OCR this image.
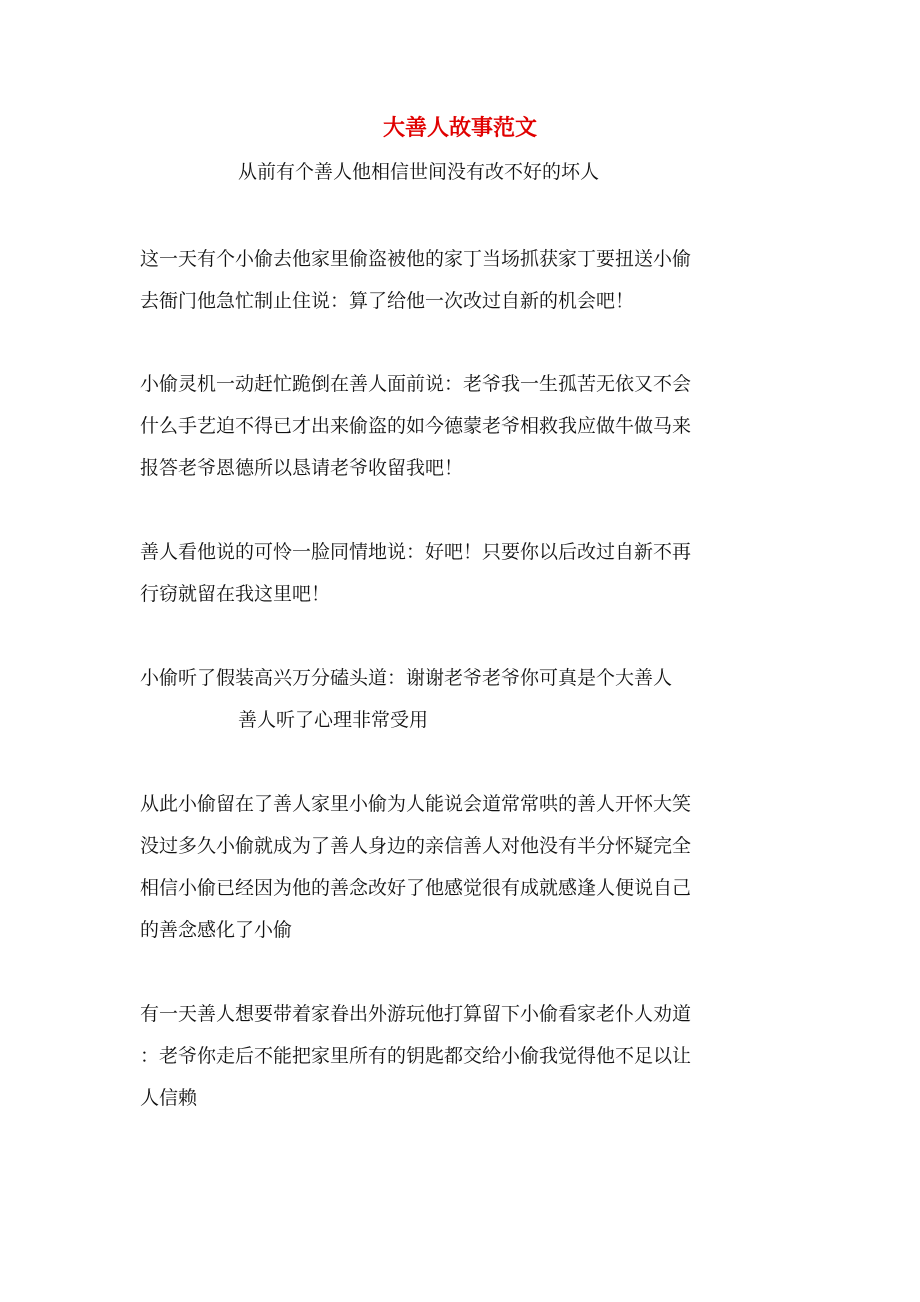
大善人故事范文

从前有个善人他相信世间没有改不好的坏人

这一天有个小偷去他家里偷盗被他的家丁当场抓获家丁要扭送小偷

去衙门他急忙制止住说：算了给他一次改过自新的机会吧！

小偷灵机一动赶忙跪倒在善人面前说：老爷我一生孤苦无依又不会

什么手艺迫不得已才出来偷盗的如今德蒙老爷相救我应做牛做马来

报答老爷恩德所以恳请老爷收留我吧！

善人看他说的可怜一脸同情地说：好吧！只要你以后改过自新不再

行窃就留在我这里吧！

小偷听了假装高兴万分磕头道：谢谢老爷老爷你可真是个大善人

善人听了心理非常受用

从此小偷留在了善人家里小偷为人能说会道常常哄的善人开怀大笑

没过多久小偷就成为了善人身边的亲信善人对他没有半分怀疑完全

相信小偷已经因为他的善念改好了他感觉很有成就感逢人便说自己

的善念感化了小偷

有一天善人想要带着家眷出外游玩他打算留下小偷看家老仆人劝道

：老爷你走后不能把家里所有的钥匙都交给小偷我觉得他不足以让

人信赖
